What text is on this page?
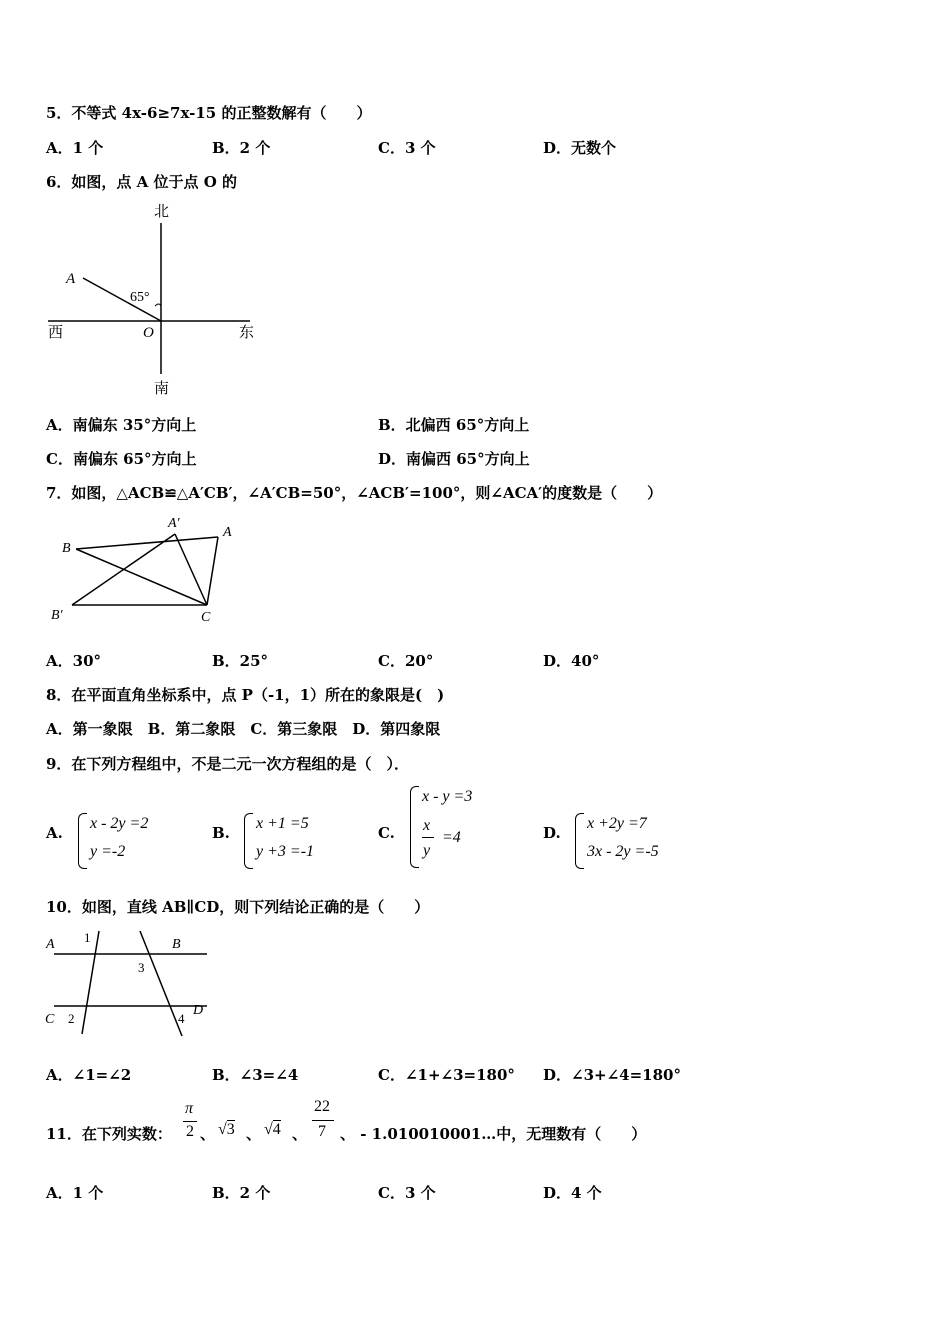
5．不等式 4x-6≥7x-15 的正整数解有（　　）
A．1 个	B．2 个	C．3 个	D．无数个
6．如图，点 A 位于点 O 的
北
南
西	东
A
O
65°
A．南偏东 35°方向上	B．北偏西 65°方向上
C．南偏东 65°方向上	D．南偏西 65°方向上
7．如图，△ACB≌△A′CB′，∠A′CB=50°，∠ACB′=100°，则∠ACA′的度数是（　　）
A′
A
B
B′	C
A．30°	B．25°	C．20°	D．40°
8．在平面直角坐标系中，点 P（-1，1）所在的象限是(　)
A．第一象限　B．第二象限　C．第三象限　D．第四象限
9．在下列方程组中，不是二元一次方程组的是（　）．
A.
x - 2y =2
y =-2
B.
x +1 =5
y +3 =-1
C.
x - y =3
x
y
=4	D.
x +2y =7
3x - 2y =-5
10．如图，直线 AB∥CD，则下列结论正确的是（　　）
A	B
C
D
1
2
3
4
A．∠1=∠2	B．∠3=∠4	C．∠1+∠3=180° D．∠3+∠4=180°
11．在下列实数：
π
2 、 √3 、 √4 、
22
7 、 - 1.010010001…中，无理数有（　　）
A．1 个	B．2 个	C．3 个	D．4 个
